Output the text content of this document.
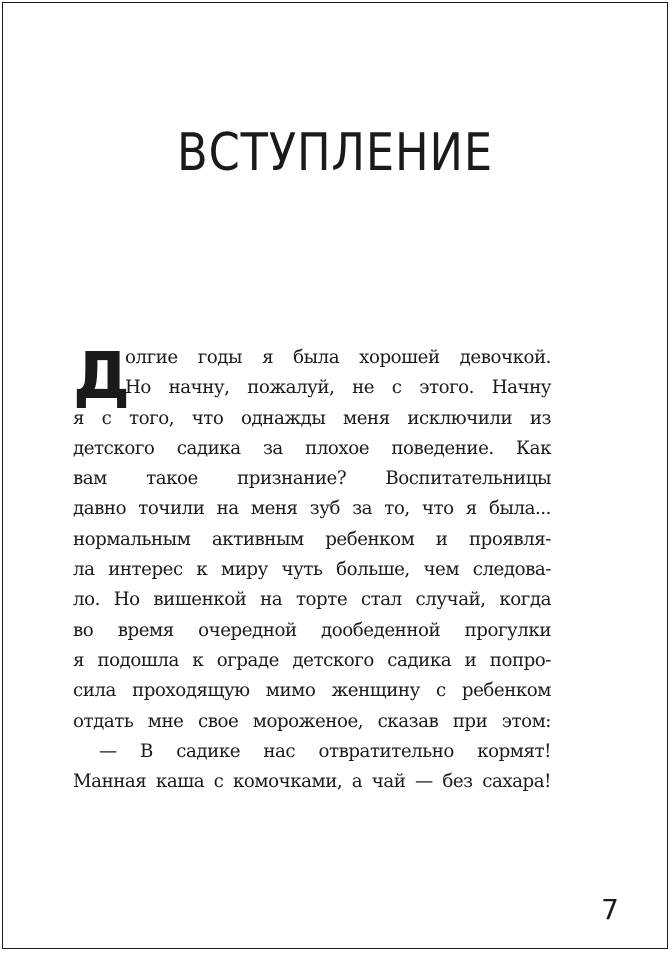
ВСТУПЛЕНИЕ
Д
олгие годы я была хорошей девочкой.
Но начну, пожалуй, не с этого. Начну
я с того, что однажды меня исключили из
детского садика за плохое поведение. Как
вам такое признание? Воспитательницы
давно точили на меня зуб за то, что я была...
нормальным активным ребенком и проявля-
ла интерес к миру чуть больше, чем следова-
ло. Но вишенкой на торте стал случай, когда
во время очередной дообеденной прогулки
я подошла к ограде детского садика и попро-
сила проходящую мимо женщину с ребенком
отдать мне свое мороженое, сказав при этом:
— В садике нас отвратительно кормят!
Манная каша с комочками, а чай — без сахара!
7
